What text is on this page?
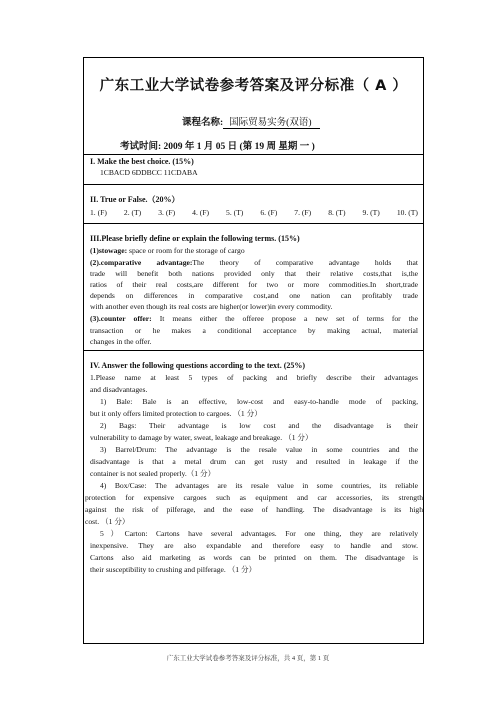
广东工业大学试卷参考答案及评分标准（ A ）
课程名称: 国际贸易实务(双语)
考试时间: 2009 年 1 月 05 日 (第 19 周 星期 一 )
I. Make the best choice. (15%)
1CBACD 6DDBCC 11CDABA
II. True or False.（20%）
1. (F) 2. (T) 3. (F) 4. (F) 5. (T) 6. (F) 7. (F) 8. (T) 9. (T) 10. (T)
III.Please briefly define or explain the following terms. (15%)
(1)stowage: space or room for the storage of cargo
(2).comparative advantage:The theory of comparative advantage holds that
trade will benefit both nations provided only that their relative costs,that is,the
ratios of their real costs,are different for two or more commodities.In short,trade
depends on differences in comparative cost,and one nation can profitably trade
with another even though its real costs are higher(or lower)in every commodity.
(3).counter offer: It means either the offeree propose a new set of terms for the
transaction or he makes a conditional acceptance by making actual, material
changes in the offer.
IV. Answer the following questions according to the text. (25%)
1.Please name at least 5 types of packing and briefly describe their advantages
and disadvantages.
1) Bale: Bale is an effective, low-cost and easy-to-handle mode of packing,
but it only offers limited protection to cargoes. （1 分）
2) Bags: Their advantage is low cost and the disadvantage is their
vulnerability to damage by water, sweat, leakage and breakage. （1 分）
3) Barrel/Drum: The advantage is the resale value in some countries and the
disadvantage is that a metal drum can get rusty and resulted in leakage if the
container is not sealed properly.（1 分）
4) Box/Case: The advantages are its resale value in some countries, its reliable
protection for expensive cargoes such as equipment and car accessories, its strength
against the risk of pilferage, and the ease of handling. The disadvantage is its high
cost. （1 分）
5）Carton: Cartons have several advantages. For one thing, they are relatively
inexpensive. They are also expandable and therefore easy to handle and stow.
Cartons also aid marketing as words can be printed on them. The disadvantage is
their susceptibility to crushing and pilferage. （1 分）
广东工业大学试卷参考答案及评分标准，共 4 页，第 1 页
